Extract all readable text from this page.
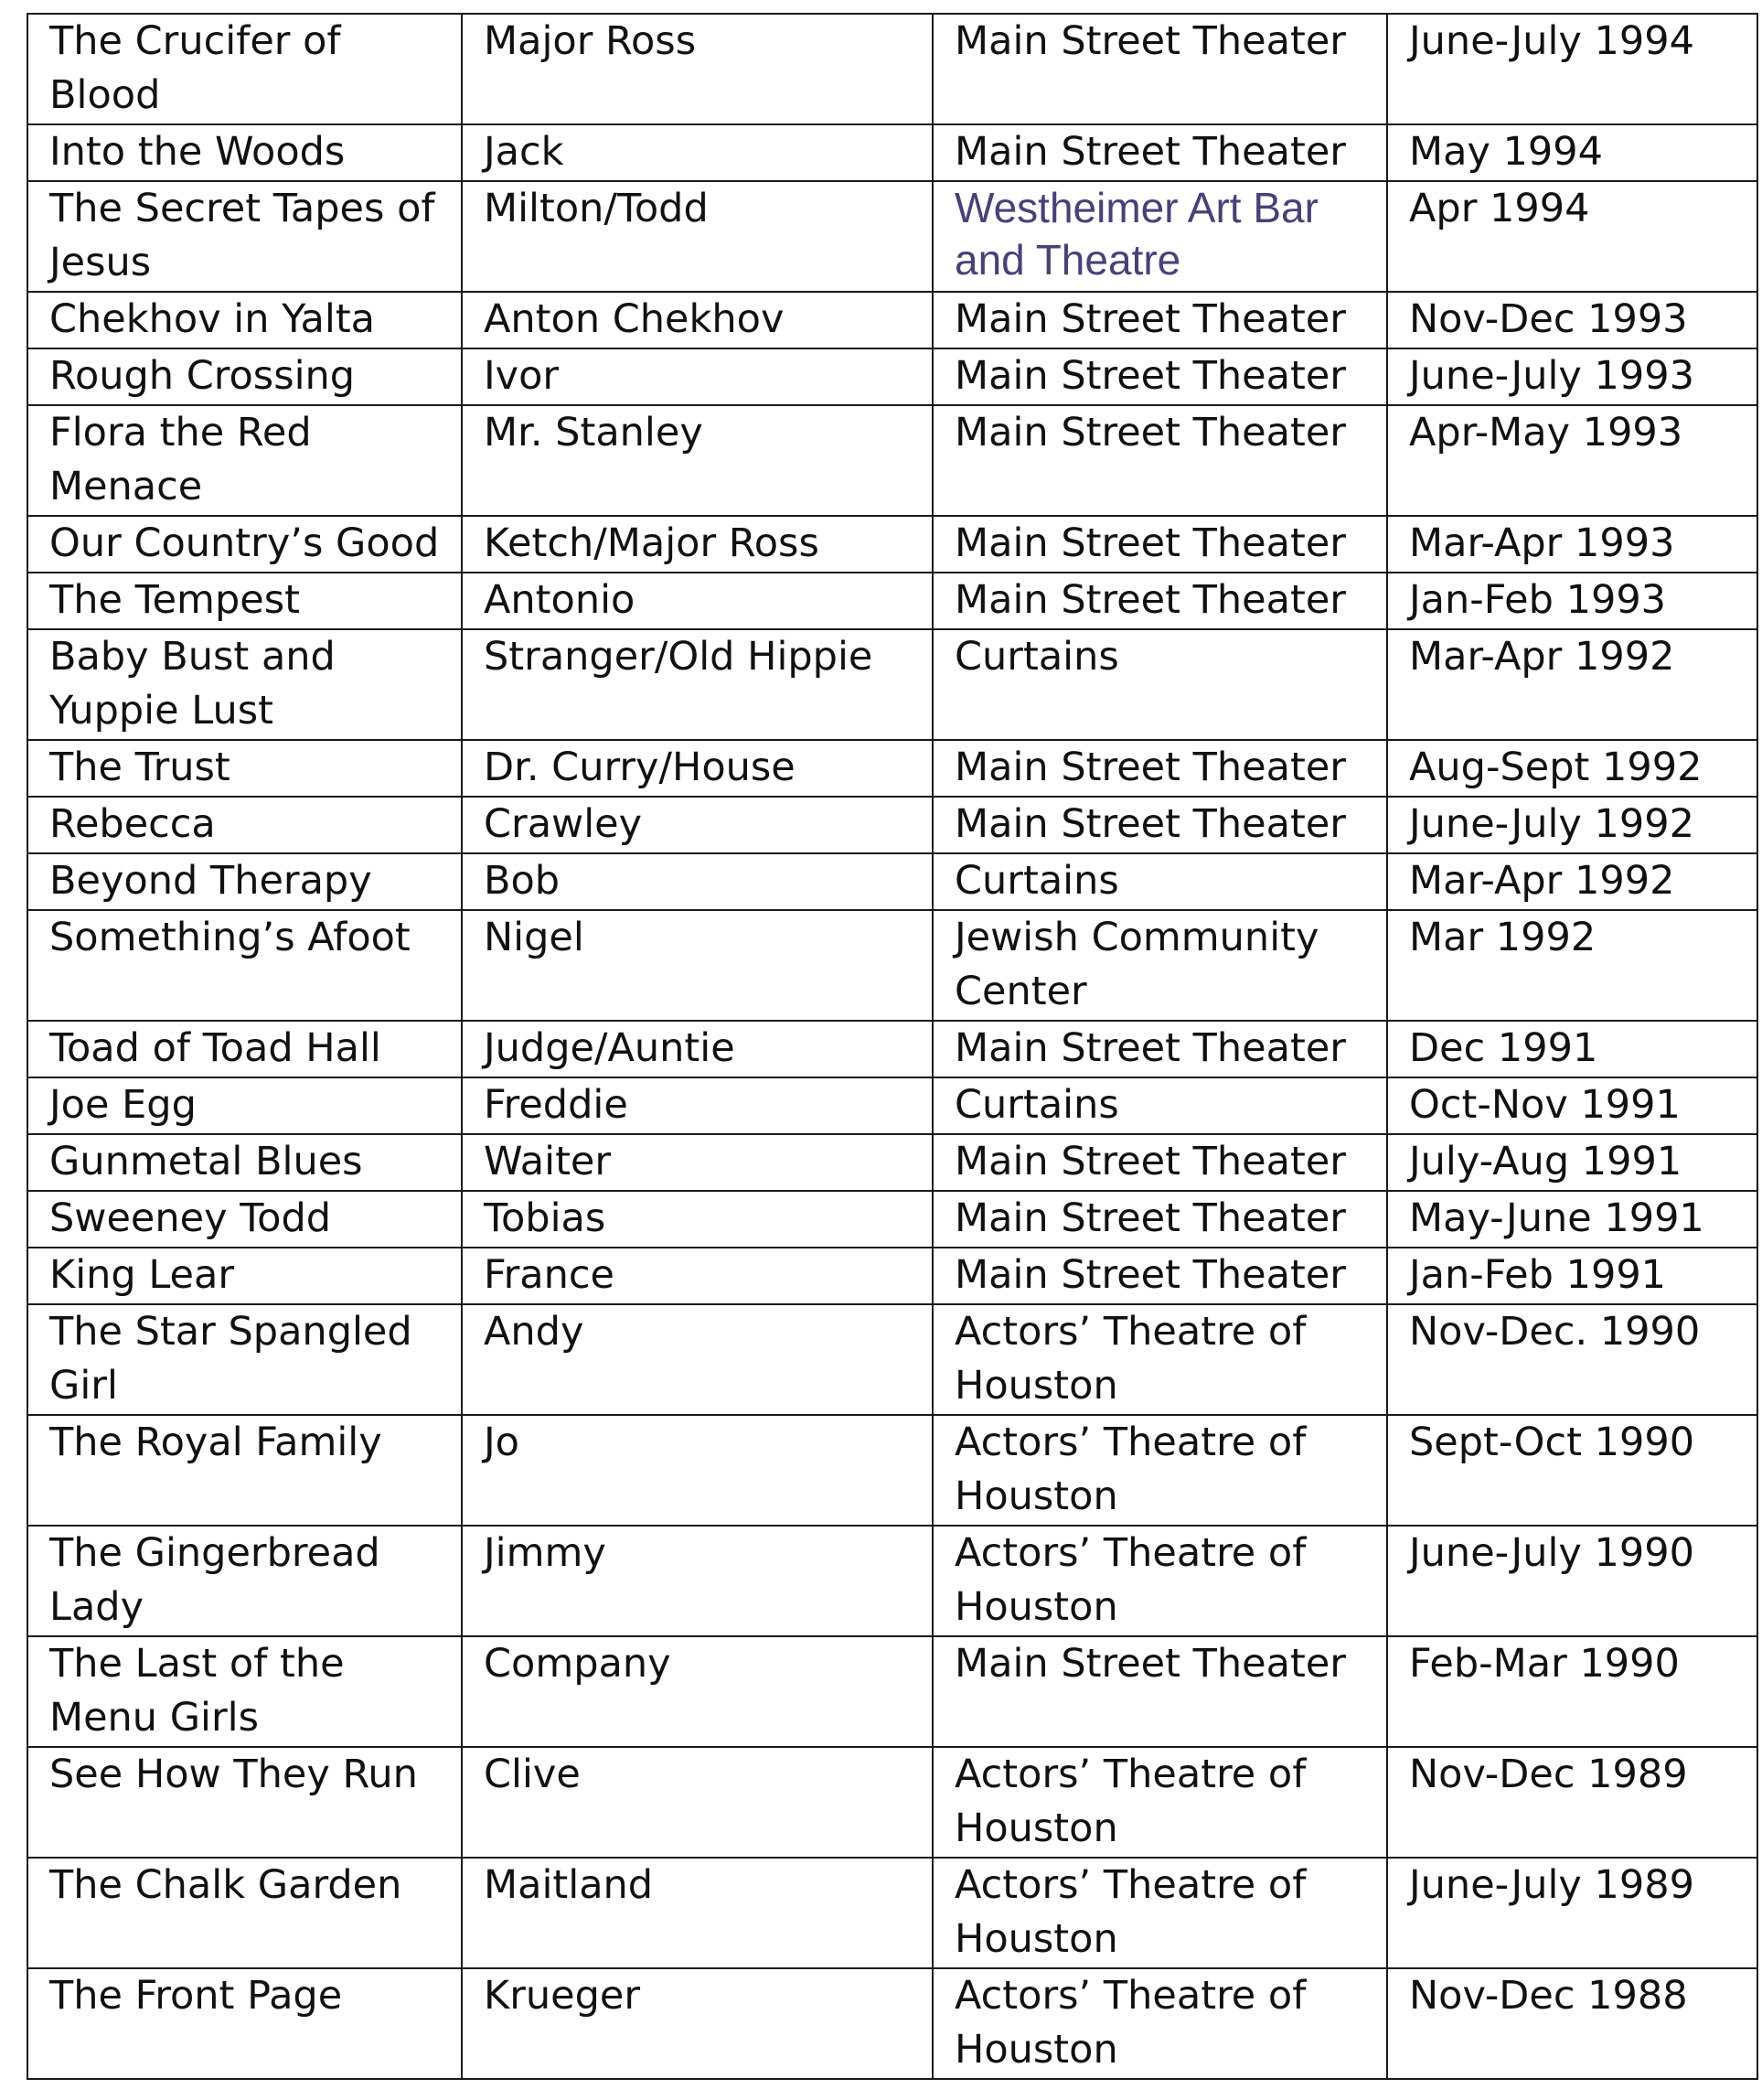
The Crucifer of Blood	Major Ross	Main Street Theater	June-July 1994
Into the Woods	Jack	Main Street Theater	May 1994
The Secret Tapes of Jesus	Milton/Todd	Westheimer Art Bar and Theatre	Apr 1994
Chekhov in Yalta	Anton Chekhov	Main Street Theater	Nov-Dec 1993
Rough Crossing	Ivor	Main Street Theater	June-July 1993
Flora the Red Menace	Mr. Stanley	Main Street Theater	Apr-May 1993
Our Country’s Good	Ketch/Major Ross	Main Street Theater	Mar-Apr 1993
The Tempest	Antonio	Main Street Theater	Jan-Feb 1993
Baby Bust and Yuppie Lust	Stranger/Old Hippie	Curtains	Mar-Apr 1992
The Trust	Dr. Curry/House	Main Street Theater	Aug-Sept 1992
Rebecca	Crawley	Main Street Theater	June-July 1992
Beyond Therapy	Bob	Curtains	Mar-Apr 1992
Something’s Afoot	Nigel	Jewish Community Center	Mar 1992
Toad of Toad Hall	Judge/Auntie	Main Street Theater	Dec 1991
Joe Egg	Freddie	Curtains	Oct-Nov 1991
Gunmetal Blues	Waiter	Main Street Theater	July-Aug 1991
Sweeney Todd	Tobias	Main Street Theater	May-June 1991
King Lear	France	Main Street Theater	Jan-Feb 1991
The Star Spangled Girl	Andy	Actors’ Theatre of Houston	Nov-Dec. 1990
The Royal Family	Jo	Actors’ Theatre of Houston	Sept-Oct 1990
The Gingerbread Lady	Jimmy	Actors’ Theatre of Houston	June-July 1990
The Last of the Menu Girls	Company	Main Street Theater	Feb-Mar 1990
See How They Run	Clive	Actors’ Theatre of Houston	Nov-Dec 1989
The Chalk Garden	Maitland	Actors’ Theatre of Houston	June-July 1989
The Front Page	Krueger	Actors’ Theatre of Houston	Nov-Dec 1988
